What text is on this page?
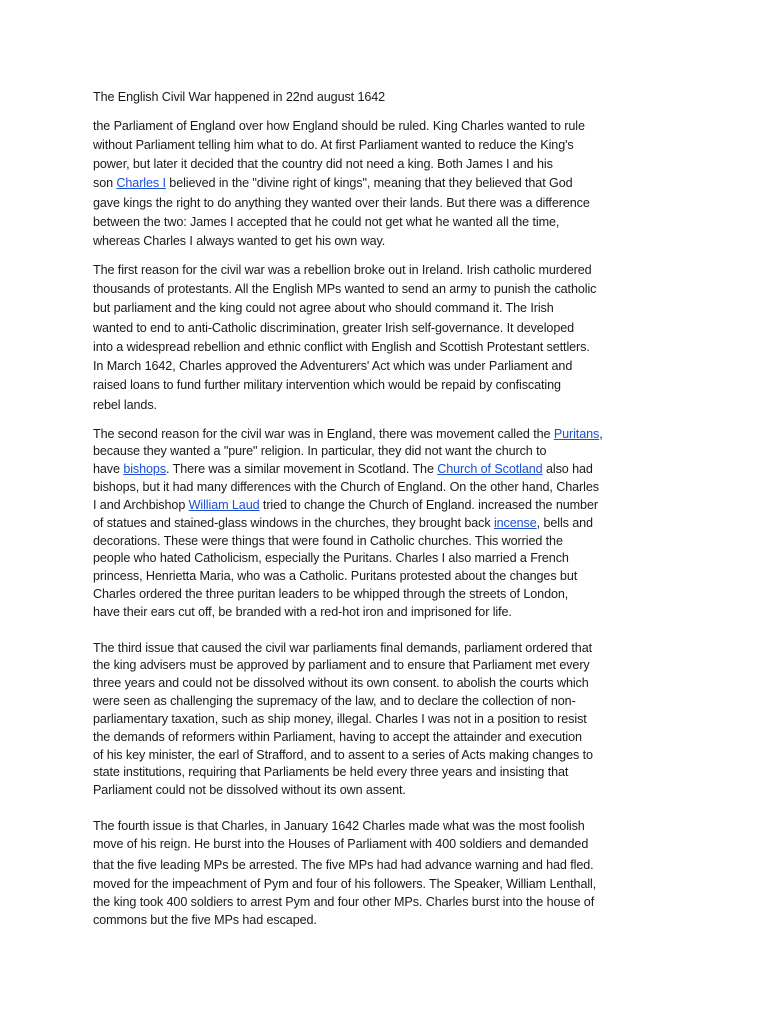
The English Civil War happened in 22nd august 1642
the Parliament of England over how England should be ruled. King Charles wanted to rule
without Parliament telling him what to do. At first Parliament wanted to reduce the King's
power, but later it decided that the country did not need a king. Both James I and his
son Charles I believed in the "divine right of kings", meaning that they believed that God
gave kings the right to do anything they wanted over their lands. But there was a difference
between the two: James I accepted that he could not get what he wanted all the time,
whereas Charles I always wanted to get his own way.
The first reason for the civil war was a rebellion broke out in Ireland. Irish catholic murdered
thousands of protestants. All the English MPs wanted to send an army to punish the catholic
but parliament and the king could not agree about who should command it. The Irish
wanted to end to anti-Catholic discrimination, greater Irish self-governance. It developed
into a widespread rebellion and ethnic conflict with English and Scottish Protestant settlers.
In March 1642, Charles approved the Adventurers' Act which was under Parliament and
raised loans to fund further military intervention which would be repaid by confiscating
rebel lands.
The second reason for the civil war was in England, there was movement called the Puritans,
because they wanted a "pure" religion. In particular, they did not want the church to
have bishops. There was a similar movement in Scotland. The Church of Scotland also had
bishops, but it had many differences with the Church of England. On the other hand, Charles
I and Archbishop William Laud tried to change the Church of England. increased the number
of statues and stained-glass windows in the churches, they brought back incense, bells and
decorations. These were things that were found in Catholic churches. This worried the
people who hated Catholicism, especially the Puritans. Charles I also married a French
princess, Henrietta Maria, who was a Catholic. Puritans protested about the changes but
Charles ordered the three puritan leaders to be whipped through the streets of London,
have their ears cut off, be branded with a red-hot iron and imprisoned for life.
The third issue that caused the civil war parliaments final demands, parliament ordered that
the king advisers must be approved by parliament and to ensure that Parliament met every
three years and could not be dissolved without its own consent. to abolish the courts which
were seen as challenging the supremacy of the law, and to declare the collection of non-
parliamentary taxation, such as ship money, illegal. Charles I was not in a position to resist
the demands of reformers within Parliament, having to accept the attainder and execution
of his key minister, the earl of Strafford, and to assent to a series of Acts making changes to
state institutions, requiring that Parliaments be held every three years and insisting that
Parliament could not be dissolved without its own assent.
The fourth issue is that Charles, in January 1642 Charles made what was the most foolish
move of his reign. He burst into the Houses of Parliament with 400 soldiers and demanded
that the five leading MPs be arrested. The five MPs had had advance warning and had fled.
moved for the impeachment of Pym and four of his followers. The Speaker, William Lenthall,
the king took 400 soldiers to arrest Pym and four other MPs. Charles burst into the house of
commons but the five MPs had escaped.
